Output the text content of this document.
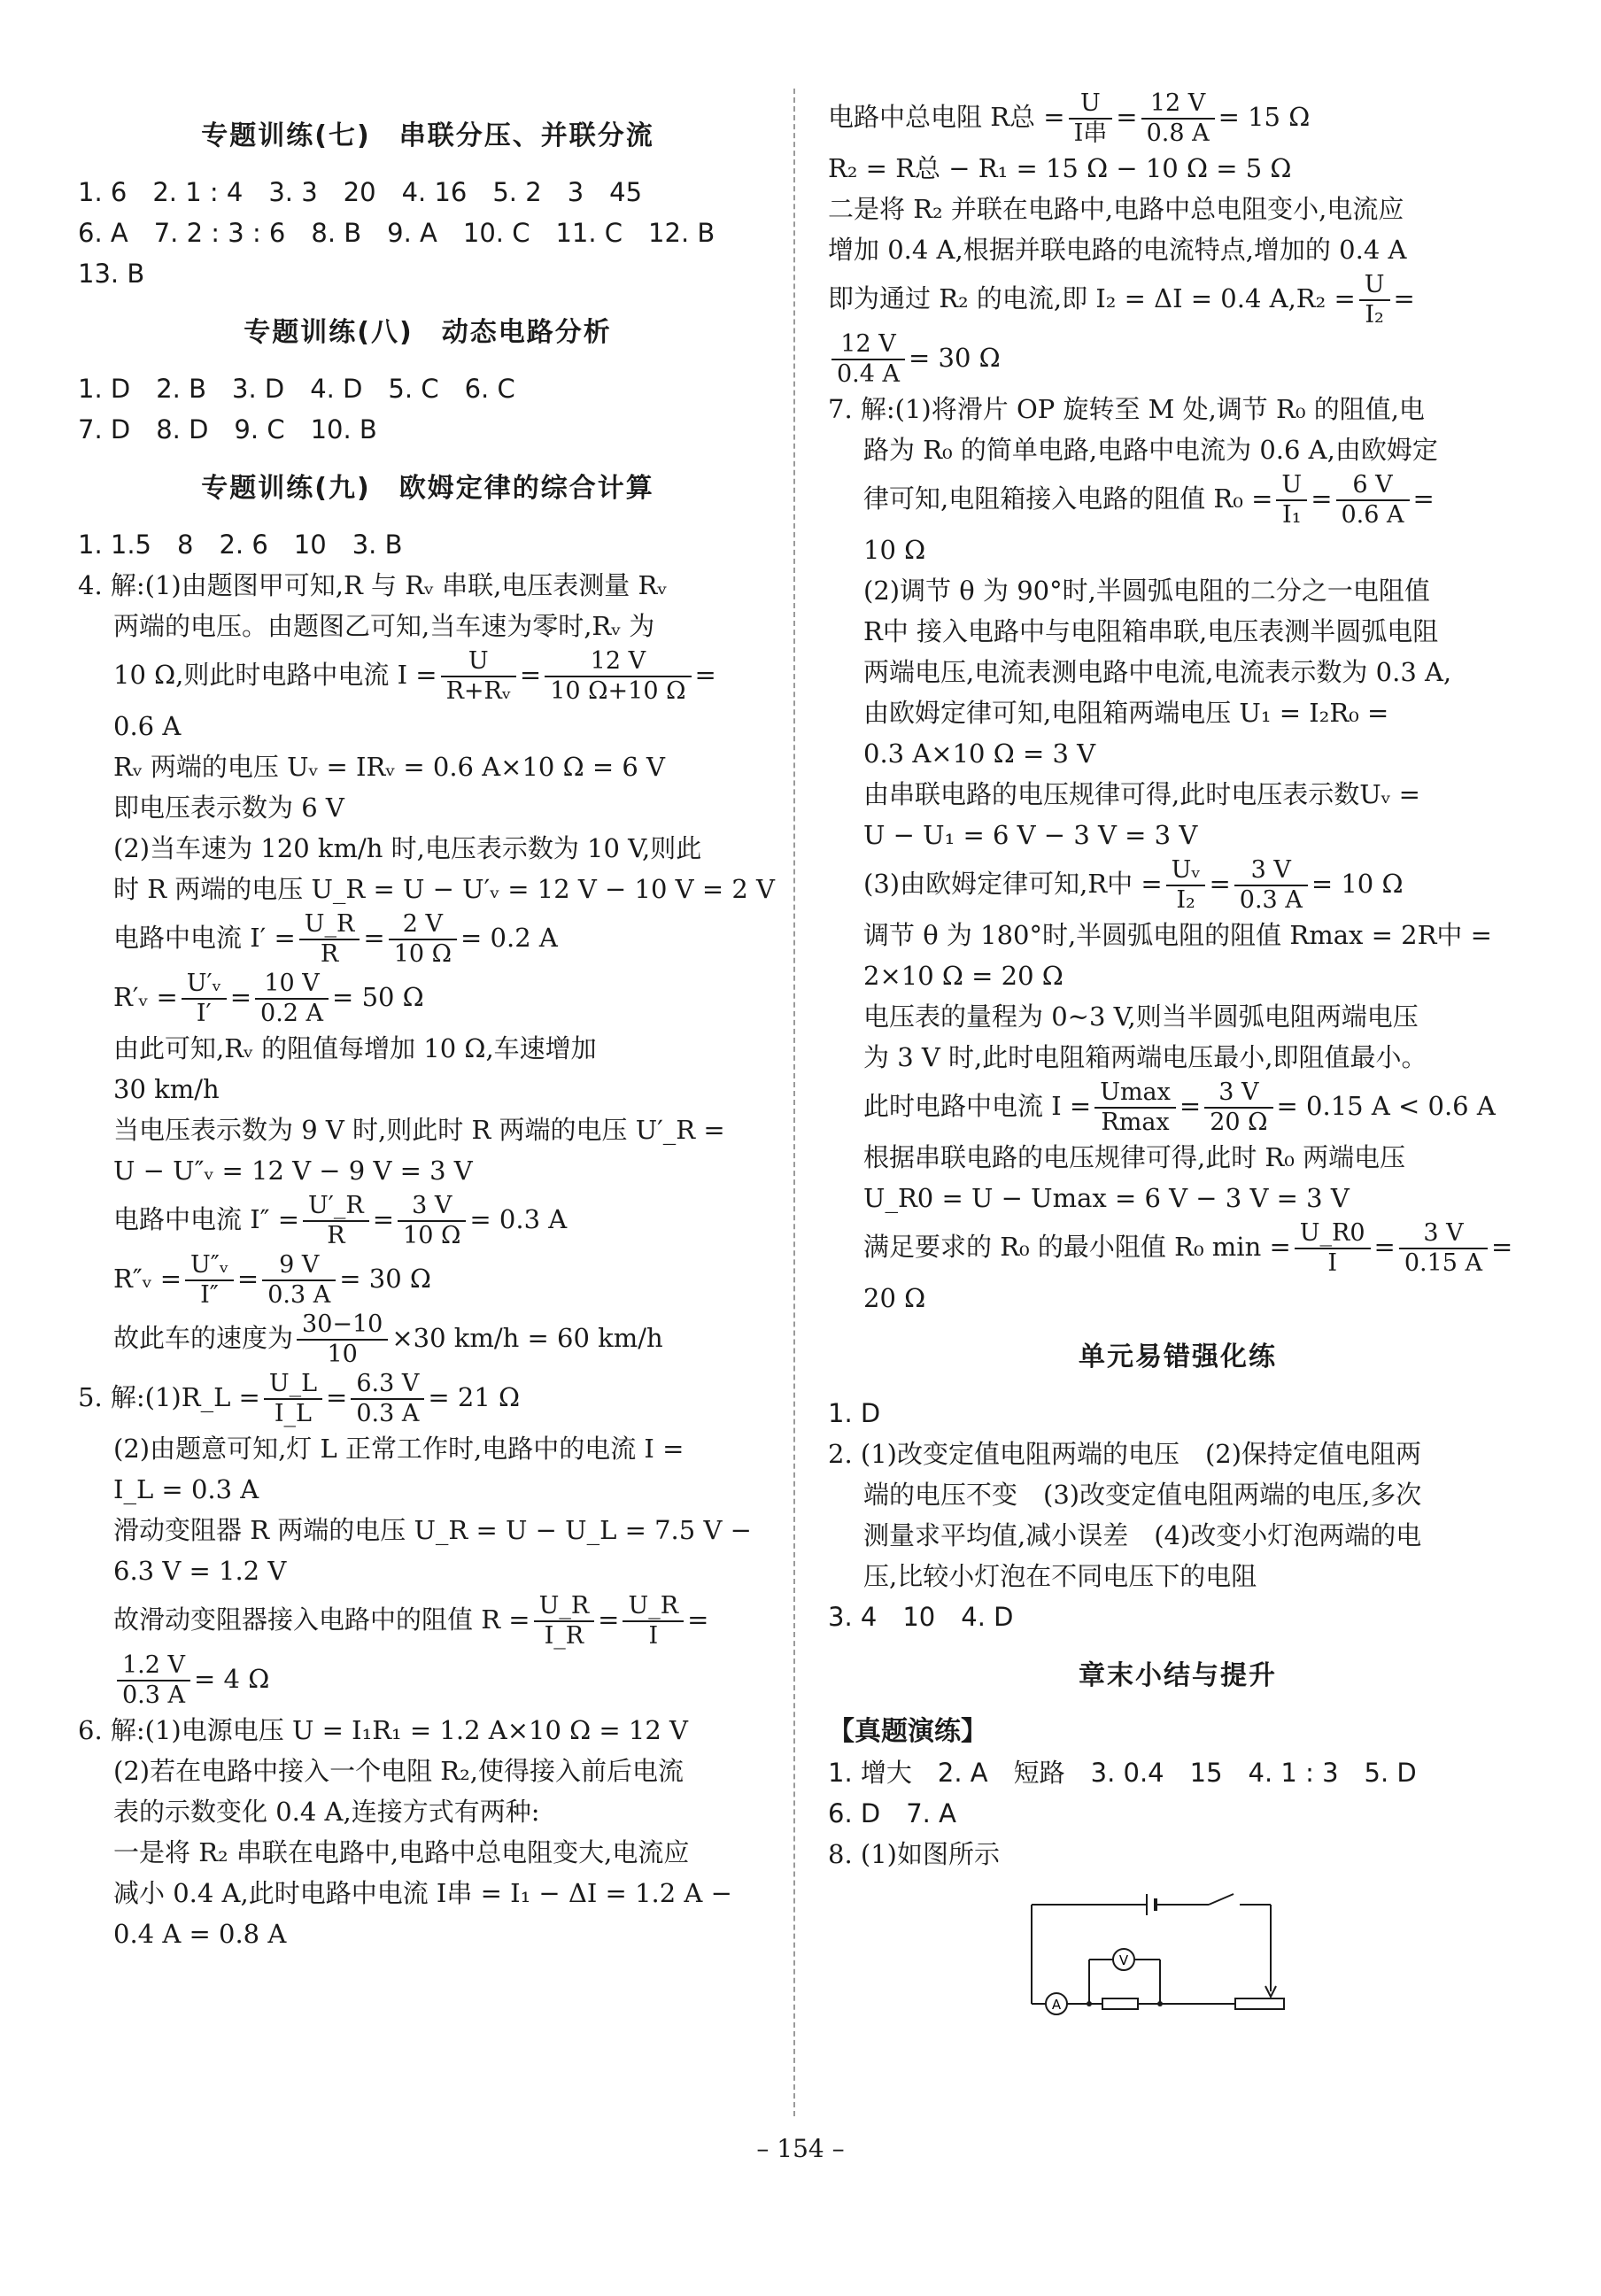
专题训练(七)　串联分压、并联分流
1. 6　2. 1 : 4　3. 3　20　4. 16　5. 2　3　45
6. A　7. 2 : 3 : 6　8. B　9. A　10. C　11. C　12. B
13. B
专题训练(八)　动态电路分析
1. D　2. B　3. D　4. D　5. C　6. C
7. D　8. D　9. C　10. B
专题训练(九)　欧姆定律的综合计算
1. 1.5　8　2. 6　10　3. B
4. 解:(1)由题图甲可知,R 与 Rᵥ 串联,电压表测量 Rᵥ
两端的电压。由题图乙可知,当车速为零时,Rᵥ 为
10 Ω,则此时电路中电流 $I = \frac{U}{\text{R+Rᵥ}} = \frac{12 V}{10 \Omega+10 \Omega}$ =
0.6 A
Rᵥ 两端的电压 Uᵥ = IRᵥ = 0.6 A×10 Ω = 6 V
即电压表示数为 6 V
(2)当车速为 120 km/h 时,电压表示数为 10 V,则此
时 R 两端的电压 U_R = U − U′ᵥ = 12 V − 10 V = 2 V
电路中电流 $I' = \frac{U\_R}{R} = \frac{2 V}{10 \Omega} = 0.2$ A
R′ᵥ = $\frac{\text{U′ᵥ}}{I'} = \frac{10 V}{0.2 A} = 50$ Ω
由此可知,Rᵥ 的阻值每增加 10 Ω,车速增加
30 km/h
当电压表示数为 9 V 时,则此时 R 两端的电压 U′_R =
U − U″ᵥ = 12 V − 9 V = 3 V
电路中电流 $I'' = \frac{U'\_R}{R} = \frac{3 V}{10 \Omega} = 0.3$ A
R″ᵥ = $\frac{\text{U″ᵥ}}{I''} = \frac{9 V}{0.3 A} = 30$ Ω
故此车的速度为 $\frac{30-10}{10} \times 30$ km/h = 60 km/h
5. 解:(1)R_L = $\frac{U\_L}{I\_L} = \frac{6.3 V}{0.3 A} = 21$ Ω
(2)由题意可知,灯 L 正常工作时,电路中的电流 I =
I_L = 0.3 A
滑动变阻器 R 两端的电压 U_R = U − U_L = 7.5 V −
6.3 V = 1.2 V
故滑动变阻器接入电路中的阻值 $R = \frac{U\_R}{I\_R} = \frac{U\_R}{I}$ =
$\frac{1.2 V}{0.3 A} = 4$ Ω
6. 解:(1)电源电压 U = I₁R₁ = 1.2 A×10 Ω = 12 V
(2)若在电路中接入一个电阻 R₂,使得接入前后电流
表的示数变化 0.4 A,连接方式有两种:
一是将 R₂ 串联在电路中,电路中总电阻变大,电流应
减小 0.4 A,此时电路中电流 I串 = I₁ − ΔI = 1.2 A −
0.4 A = 0.8 A
电路中总电阻 R总 = $\frac{U}{\text{I串}} = \frac{12 V}{0.8 A} = 15$ Ω
R₂ = R总 − R₁ = 15 Ω − 10 Ω = 5 Ω
二是将 R₂ 并联在电路中,电路中总电阻变小,电流应
增加 0.4 A,根据并联电路的电流特点,增加的 0.4 A
即为通过 R₂ 的电流,即 I₂ = ΔI = 0.4 $A,R_2 = \frac{U}{\text{I₂}}$ =
$\frac{12 V}{0.4 A} = 30$ Ω
7. 解:(1)将滑片 OP 旋转至 M 处,调节 R₀ 的阻值,电
路为 R₀ 的简单电路,电路中电流为 0.6 A,由欧姆定
律可知,电阻箱接入电路的阻值 $R_0 = \frac{U}{\text{I₁}} = \frac{6 V}{0.6 A}$ =
10 Ω
(2)调节 θ 为 90°时,半圆弧电阻的二分之一电阻值
R中 接入电路中与电阻箱串联,电压表测半圆弧电阻
两端电压,电流表测电路中电流,电流表示数为 0.3 A,
由欧姆定律可知,电阻箱两端电压 U₁ = I₂R₀ =
0.3 A×10 Ω = 3 V
由串联电路的电压规律可得,此时电压表示数Uᵥ =
U − U₁ = 6 V − 3 V = 3 V
(3)由欧姆定律可知,R中 = $\frac{\text{Uᵥ}}{\text{I₂}} = \frac{3 V}{0.3 A} = 10$ Ω
调节 θ 为 180°时,半圆弧电阻的阻值 Rmax = 2R中 =
2×10 Ω = 20 Ω
电压表的量程为 0~3 V,则当半圆弧电阻两端电压
为 3 V 时,此时电阻箱两端电压最小,即阻值最小。
此时电路中电流 $I = \frac{Umax}{Rmax} = \frac{3 V}{20 \Omega} = 0.15$ A < 0.6 A
根据串联电路的电压规律可得,此时 R₀ 两端电压
U_R0 = U − Umax = 6 V − 3 V = 3 V
满足要求的 R₀ 的最小阻值 R₀ $\min = \frac{U\_R0}{I} = \frac{3 V}{0.15 A}$ =
20 Ω
单元易错强化练
1. D
2. (1)改变定值电阻两端的电压　(2)保持定值电阻两
端的电压不变　(3)改变定值电阻两端的电压,多次
测量求平均值,减小误差　(4)改变小灯泡两端的电
压,比较小灯泡在不同电压下的电阻
3. 4　10　4. D
章末小结与提升
【真题演练】
1. 增大　2. A　短路　3. 0.4　15　4. 1 : 3　5. D
6. D　7. A
8. (1)如图所示
A
V
– 154 –
